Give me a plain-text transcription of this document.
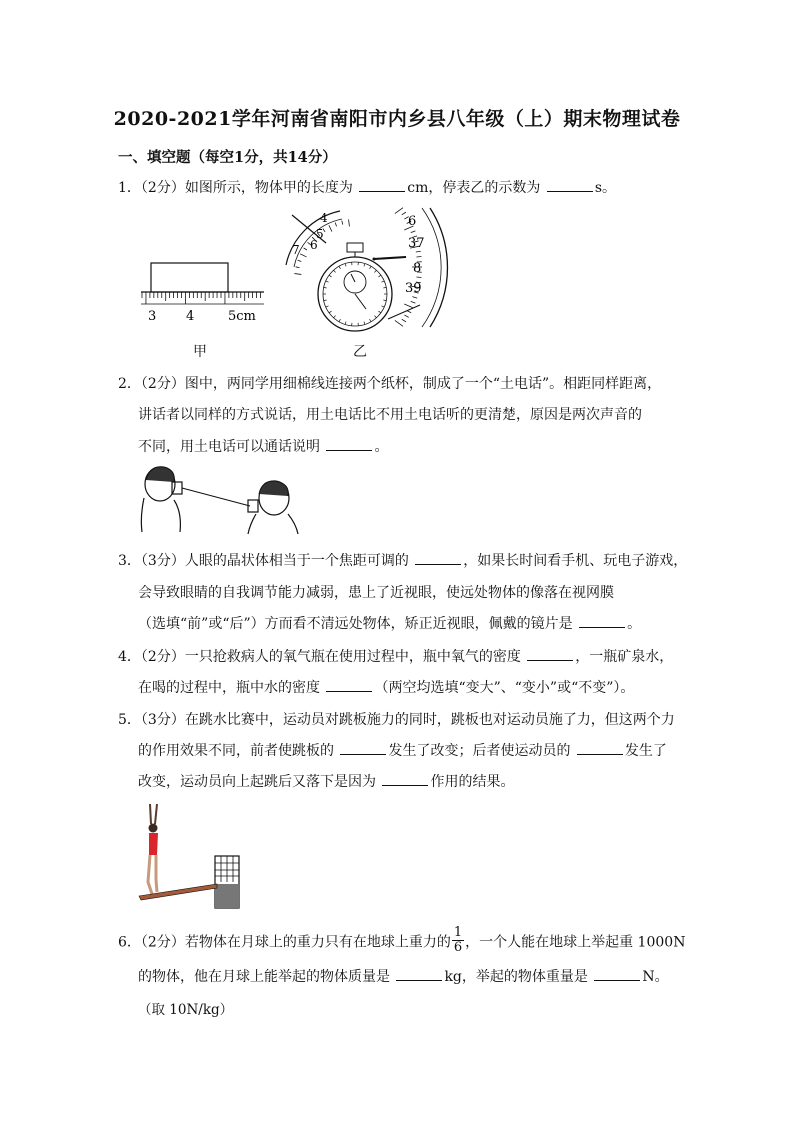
2020-2021学年河南省南阳市内乡县八年级（上）期末物理试卷
一、填空题（每空1分，共14分）
1．（2分）如图所示，物体甲的长度为	cm，停表乙的示数为	s。
3 4	5cm
甲
4
5
6
7
6
37
8
39
乙
2．（2分）图中，两同学用细棉线连接两个纸杯，制成了一个“土电话”。相距同样距离，
讲话者以同样的方式说话，用土电话比不用土电话听的更清楚，原因是两次声音的
不同，用土电话可以通话说明	。
3．（3分）人眼的晶状体相当于一个焦距可调的	，如果长时间看手机、玩电子游戏，
会导致眼睛的自我调节能力减弱，患上了近视眼，使远处物体的像落在视网膜
（选填“前”或“后”）方而看不清远处物体，矫正近视眼，佩戴的镜片是	。
4．（2分）一只抢救病人的氧气瓶在使用过程中，瓶中氧气的密度	，一瓶矿泉水，
在喝的过程中，瓶中水的密度	（两空均选填“变大”、“变小”或“不变”）。
5．（3分）在跳水比赛中，运动员对跳板施力的同时，跳板也对运动员施了力，但这两个力
的作用效果不同，前者使跳板的	发生了改变；后者使运动员的	发生了
改变，运动员向上起跳后又落下是因为	作用的结果。
6．（2分）若物体在月球上的重力只有在地球上重力的 $\frac{1}{6}$ ，一个人能在地球上举起重 1000N
的物体，他在月球上能举起的物体质量是	kg，举起的物体重量是	N。
（取 10N/kg）
